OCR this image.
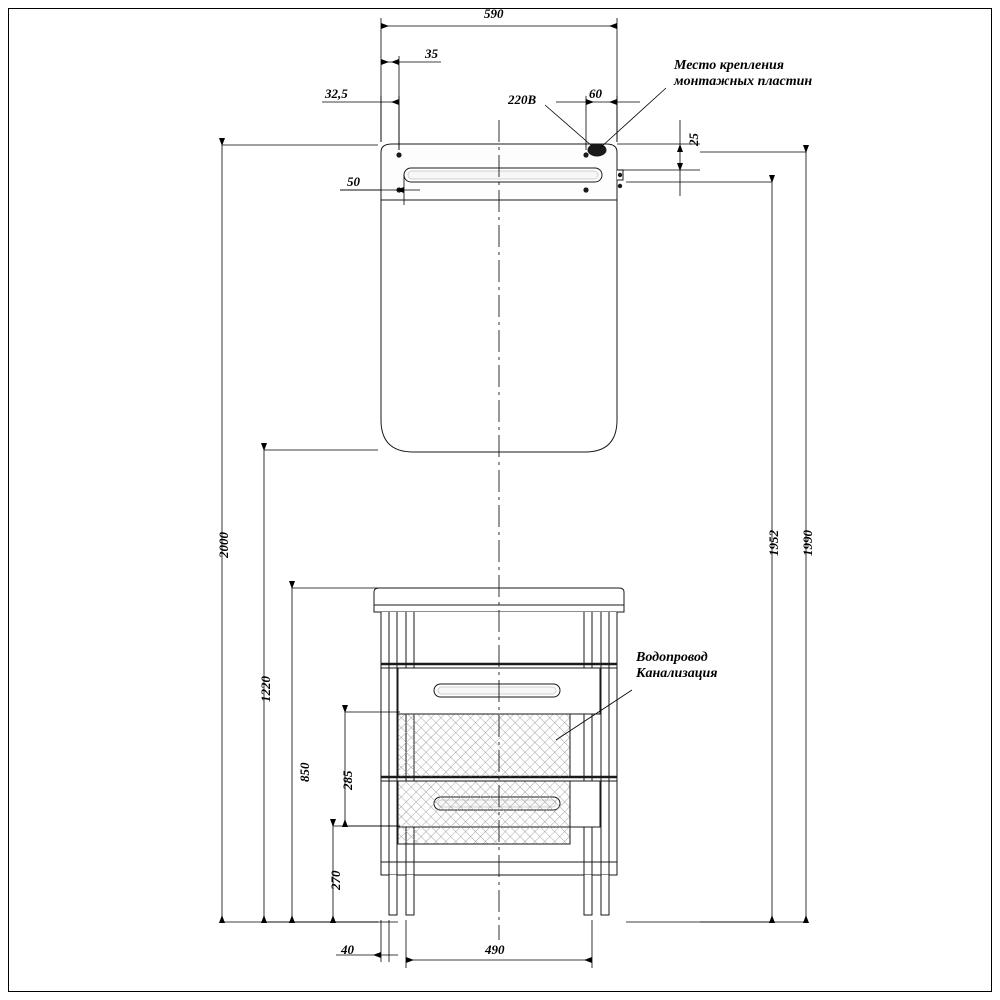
590
35
32,5	60
25
50
2000
1220
850 285
270
1952 1990
40	490
220В
Место крепления
монтажных пластин
Водопровод
Канализация
